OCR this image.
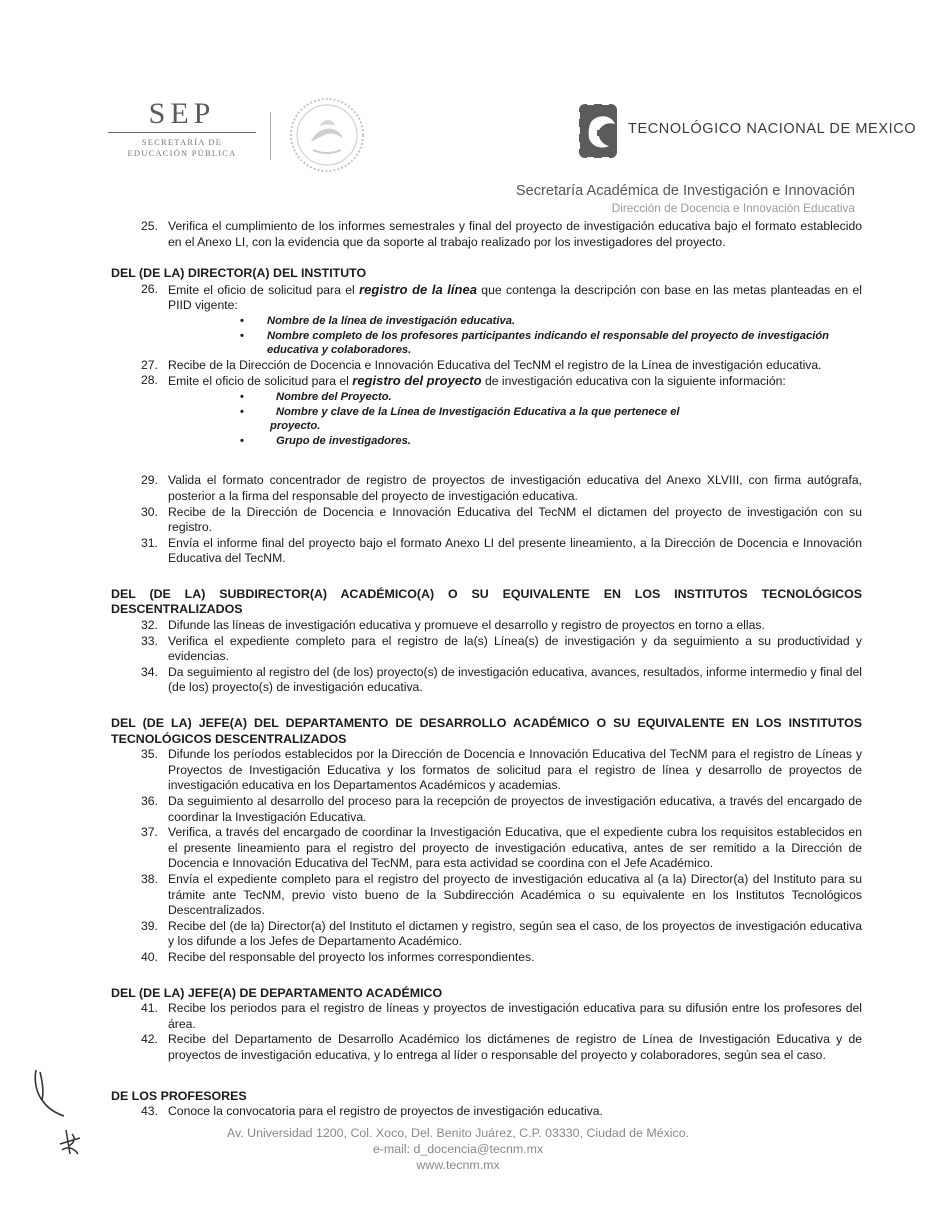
SEP
SECRETARÍA DE
EDUCACIÓN PÚBLICA
TECNOLÓGICO NACIONAL DE MEXICO
Secretaría Académica de Investigación e Innovación
Dirección de Docencia e Innovación Educativa
25. Verifica el cumplimiento de los informes semestrales y final del proyecto de investigación educativa bajo el formato establecido en el Anexo LI, con la evidencia que da soporte al trabajo realizado por los investigadores del proyecto.
DEL (DE LA) DIRECTOR(A) DEL INSTITUTO
26. Emite el oficio de solicitud para el registro de la línea que contenga la descripción con base en las metas planteadas en el PIID vigente:
• Nombre de la línea de investigación educativa.
• Nombre completo de los profesores participantes indicando el responsable del proyecto de investigación educativa y colaboradores.
27. Recibe de la Dirección de Docencia e Innovación Educativa del TecNM el registro de la Línea de investigación educativa.
28. Emite el oficio de solicitud para el registro del proyecto de investigación educativa con la siguiente información:
•	Nombre del Proyecto.
•	Nombre y clave de la Línea de Investigación Educativa a la que pertenece el
proyecto.
•	Grupo de investigadores.
29. Valida el formato concentrador de registro de proyectos de investigación educativa del Anexo XLVIII, con firma autógrafa, posterior a la firma del responsable del proyecto de investigación educativa.
30. Recibe de la Dirección de Docencia e Innovación Educativa del TecNM el dictamen del proyecto de investigación con su registro.
31. Envía el informe final del proyecto bajo el formato Anexo LI del presente lineamiento, a la Dirección de Docencia e Innovación Educativa del TecNM.
DEL (DE LA) SUBDIRECTOR(A) ACADÉMICO(A) O SU EQUIVALENTE EN LOS INSTITUTOS TECNOLÓGICOS DESCENTRALIZADOS
32. Difunde las líneas de investigación educativa y promueve el desarrollo y registro de proyectos en torno a ellas.
33. Verifica el expediente completo para el registro de la(s) Línea(s) de investigación y da seguimiento a su productividad y evidencias.
34. Da seguimiento al registro del (de los) proyecto(s) de investigación educativa, avances, resultados, informe intermedio y final del (de los) proyecto(s) de investigación educativa.
DEL (DE LA) JEFE(A) DEL DEPARTAMENTO DE DESARROLLO ACADÉMICO O SU EQUIVALENTE EN LOS INSTITUTOS TECNOLÓGICOS DESCENTRALIZADOS
35. Difunde los períodos establecidos por la Dirección de Docencia e Innovación Educativa del TecNM para el registro de Líneas y Proyectos de Investigación Educativa y los formatos de solicitud para el registro de línea y desarrollo de proyectos de investigación educativa en los Departamentos Académicos y academias.
36. Da seguimiento al desarrollo del proceso para la recepción de proyectos de investigación educativa, a través del encargado de coordinar la Investigación Educativa.
37. Verifica, a través del encargado de coordinar la Investigación Educativa, que el expediente cubra los requisitos establecidos en el presente lineamiento para el registro del proyecto de investigación educativa, antes de ser remitido a la Dirección de Docencia e Innovación Educativa del TecNM, para esta actividad se coordina con el Jefe Académico.
38. Envía el expediente completo para el registro del proyecto de investigación educativa al (a la) Director(a) del Instituto para su trámite ante TecNM, previo visto bueno de la Subdirección Académica o su equivalente en los Institutos Tecnológicos Descentralizados.
39. Recibe del (de la) Director(a) del Instituto el dictamen y registro, según sea el caso, de los proyectos de investigación educativa y los difunde a los Jefes de Departamento Académico.
40. Recibe del responsable del proyecto los informes correspondientes.
DEL (DE LA) JEFE(A) DE DEPARTAMENTO ACADÉMICO
41. Recibe los periodos para el registro de líneas y proyectos de investigación educativa para su difusión entre los profesores del área.
42. Recibe del Departamento de Desarrollo Académico los dictámenes de registro de Línea de Investigación Educativa y de proyectos de investigación educativa, y lo entrega al líder o responsable del proyecto y colaboradores, según sea el caso.
DE LOS PROFESORES
43. Conoce la convocatoria para el registro de proyectos de investigación educativa.
Av. Universidad 1200, Col. Xoco, Del. Benito Juárez, C.P. 03330, Ciudad de México.
e-mail: d_docencia@tecnm.mx
www.tecnm.mx
